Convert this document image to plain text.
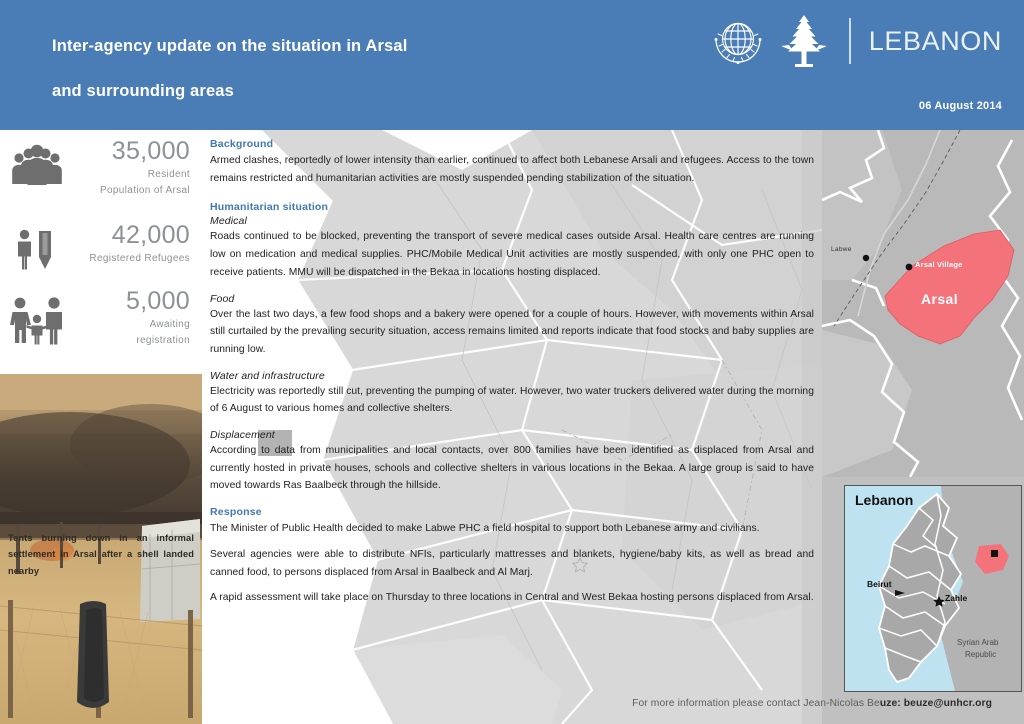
Inter-agency update on the situation in Arsal
and surrounding areas
LEBANON
06 August 2014
35,000
Resident
Population of Arsal
42,000
Registered Refugees
5,000
Awaiting
registration
Tents burning down in an informal settlement in Arsal after a shell landed nearby
Background

Armed clashes, reportedly of lower intensity than earlier, continued to affect both Lebanese Arsali and refugees. Access to the town remains restricted and humanitarian activities are mostly suspended pending stabilization of the situation.

Humanitarian situation
Medical

Roads continued to be blocked, preventing the transport of severe medical cases outside Arsal. Health care centres are running low on medication and medical supplies. PHC/Mobile Medical Unit activities are mostly suspended, with only one PHC open to receive patients. MMU will be dispatched in the Bekaa in locations hosting displaced.

Food

Over the last two days, a few food shops and a bakery were opened for a couple of hours. However, with movements within Arsal still curtailed by the prevailing security situation, access remains limited and reports indicate that food stocks and baby supplies are running low.

Water and infrastructure

Electricity was reportedly still cut, preventing the pumping of water. However, two water truckers delivered water during the morning of 6 August to various homes and collective shelters.

Displacement

According to data from municipalities and local contacts, over 800 families have been identified as displaced from Arsal and currently hosted in private houses, schools and collective shelters in various locations in the Bekaa. A large group is said to have moved towards Ras Baalbeck through the hillside.

Response

The Minister of Public Health decided to make Labwe PHC a field hospital to support both Lebanese army and civilians.

Several agencies were able to distribute NFIs, particularly mattresses and blankets, hygiene/baby kits, as well as bread and canned food, to persons displaced from Arsal in Baalbeck and Al Marj.

A rapid assessment will take place on Thursday to three locations in Central and West Bekaa hosting persons displaced from Arsal.

Labwe
Arsal Village
Arsal
Lebanon
Beirut
Zahle
Syrian Arab
Republic
For more information please contact Jean-Nicolas Beuze: beuze@unhcr.org
